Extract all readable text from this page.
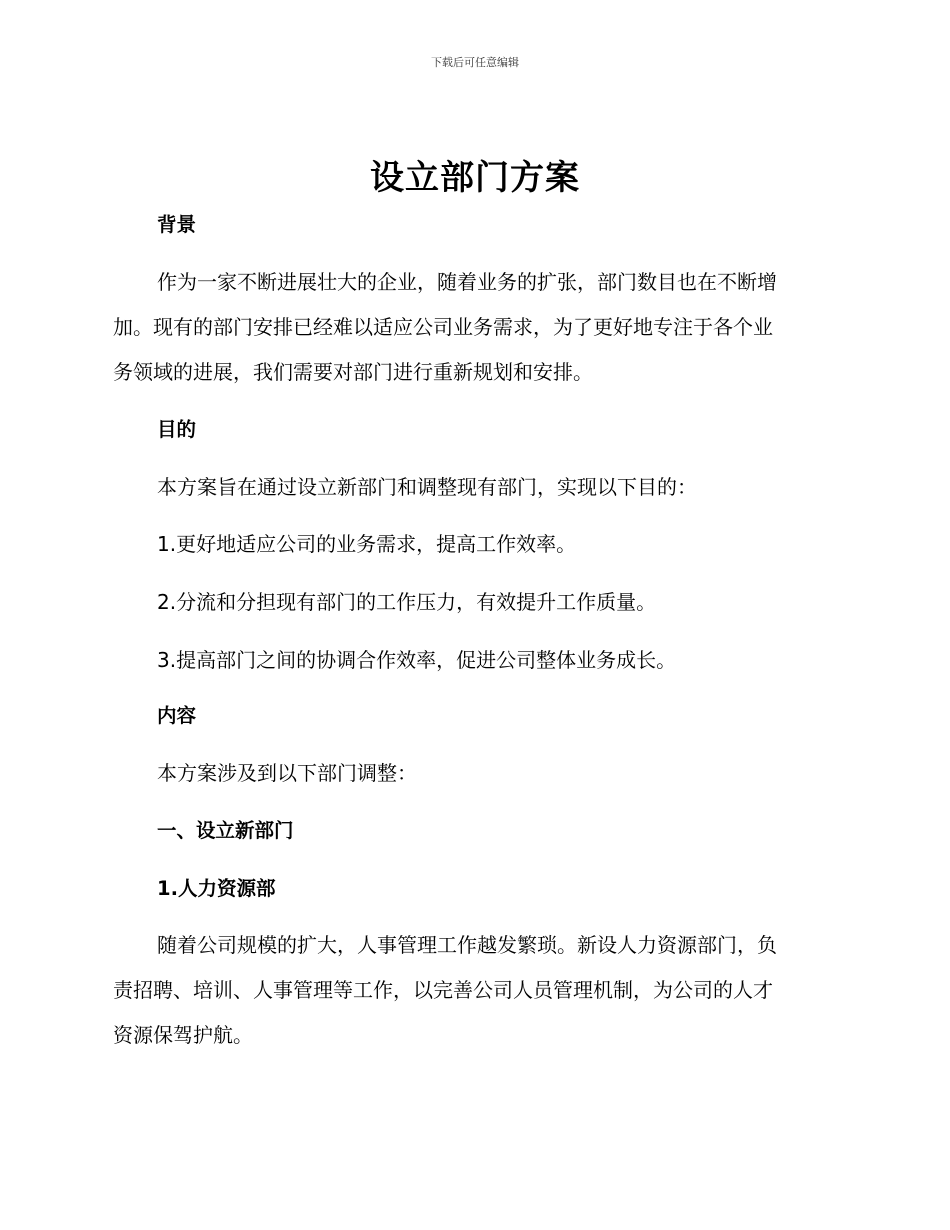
下载后可任意编辑
设立部门方案
背景

作为一家不断进展壮大的企业，随着业务的扩张，部门数目也在不断增

加。现有的部门安排已经难以适应公司业务需求，为了更好地专注于各个业

务领域的进展，我们需要对部门进行重新规划和安排。

目的

本方案旨在通过设立新部门和调整现有部门，实现以下目的：

1.更好地适应公司的业务需求，提高工作效率。

2.分流和分担现有部门的工作压力，有效提升工作质量。

3.提高部门之间的协调合作效率，促进公司整体业务成长。

内容

本方案涉及到以下部门调整：

一、设立新部门
1.人力资源部

随着公司规模的扩大，人事管理工作越发繁琐。新设人力资源部门，负

责招聘、培训、人事管理等工作，以完善公司人员管理机制，为公司的人才

资源保驾护航。
